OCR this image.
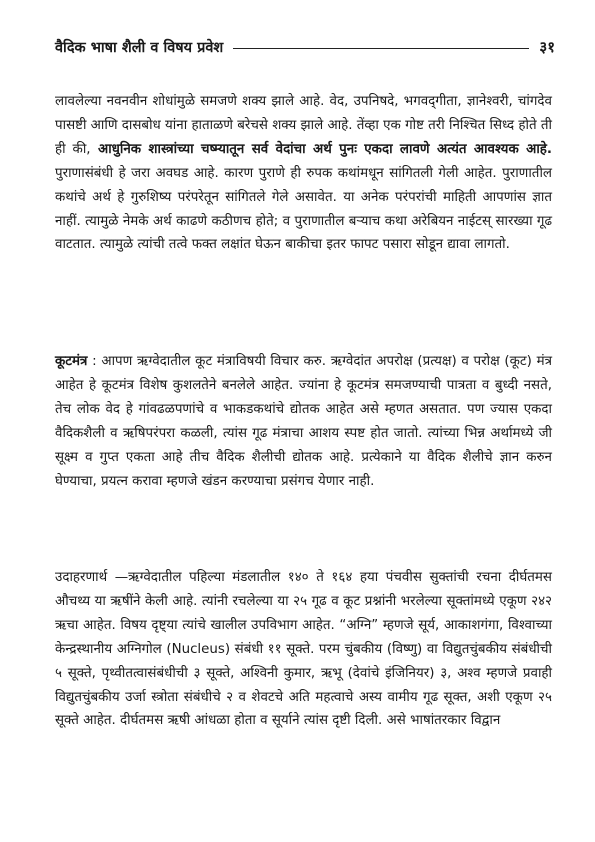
वैदिक भाषा शैली व विषय प्रवेश	३१

लावलेल्या नवनवीन शोधांमुळे समजणे शक्य झाले आहे. वेद, उपनिषदे, भगवद्‌गीता, ज्ञानेश्वरी, चांगदेव पासष्टी आणि दासबोध यांना हाताळणे बरेचसे शक्य झाले आहे. तेंव्हा एक गोष्ट तरी निश्चित सिध्द होते ती ही की, आधुनिक शास्त्रांच्या चष्म्यातून सर्व वेदांचा अर्थ पुनः एकदा लावणे अत्यंत आवश्यक आहे. पुराणासंबंधी हे जरा अवघड आहे. कारण पुराणे ही रुपक कथांमधून सांगितली गेली आहेत. पुराणातील कथांचे अर्थ हे गुरुशिष्य परंपरेतून सांगितले गेले असावेत. या अनेक परंपरांची माहिती आपणांस ज्ञात नाहीं. त्यामुळे नेमके अर्थ काढणे कठीणच होते; व पुराणातील बऱ्याच कथा अरेबियन नाईटस् सारख्या गूढ वाटतात. त्यामुळे त्यांची तत्वे फक्त लक्षांत घेऊन बाकीचा इतर फापट पसारा सोडून द्यावा लागतो.

कूटमंत्र : आपण ऋग्वेदातील कूट मंत्राविषयी विचार करु. ऋग्वेदांत अपरोक्ष (प्रत्यक्ष) व परोक्ष (कूट) मंत्र आहेत हे कूटमंत्र विशेष कुशलतेने बनलेले आहेत. ज्यांना हे कूटमंत्र समजण्याची पात्रता व बुध्दी नसते, तेच लोक वेद हे गांवढळपणांचे व भाकडकथांचे द्योतक आहेत असे म्हणत असतात. पण ज्यास एकदा वैदिकशैली व ऋषिपरंपरा कळली, त्यांस गूढ मंत्राचा आशय स्पष्ट होत जातो. त्यांच्या भिन्न अर्थामध्ये जी सूक्ष्म व गुप्त एकता आहे तीच वैदिक शैलीची द्योतक आहे. प्रत्येकाने या वैदिक शैलीचे ज्ञान करुन घेण्याचा, प्रयत्न करावा म्हणजे खंडन करण्याचा प्रसंगच येणार नाही.

उदाहरणार्थ —ऋग्वेदातील पहिल्या मंडलातील १४० ते १६४ हया पंचवीस सुक्तांची रचना दीर्घतमस औचथ्य या ऋषींने केली आहे. त्यांनी रचलेल्या या २५ गूढ व कूट प्रश्नांनी भरलेल्या सूक्तांमध्ये एकूण २४२ ऋचा आहेत. विषय दृष्ट्या त्यांचे खालील उपविभाग आहेत. “अग्नि” म्हणजे सूर्य, आकाशगंगा, विश्वाच्या केन्द्रस्थानीय अग्निगोल (Nucleus) संबंधी ११ सूक्ते. परम चुंबकीय (विष्णु) वा विद्युतचुंबकीय संबंधीची ५ सूक्ते, पृथ्वीतत्वासंबंधीची ३ सूक्ते, अश्विनी कुमार, ऋभू (देवांचे इंजिनियर) ३, अश्व म्हणजे प्रवाही विद्युतचुंबकीय उर्जा स्त्रोता संबंधीचे २ व शेवटचे अति महत्वाचे अस्य वामीय गूढ सूक्त, अशी एकूण २५ सूक्ते आहेत. दीर्घतमस ऋषी आंधळा होता व सूर्याने त्यांस दृष्टी दिली. असे भाषांतरकार विद्वान
